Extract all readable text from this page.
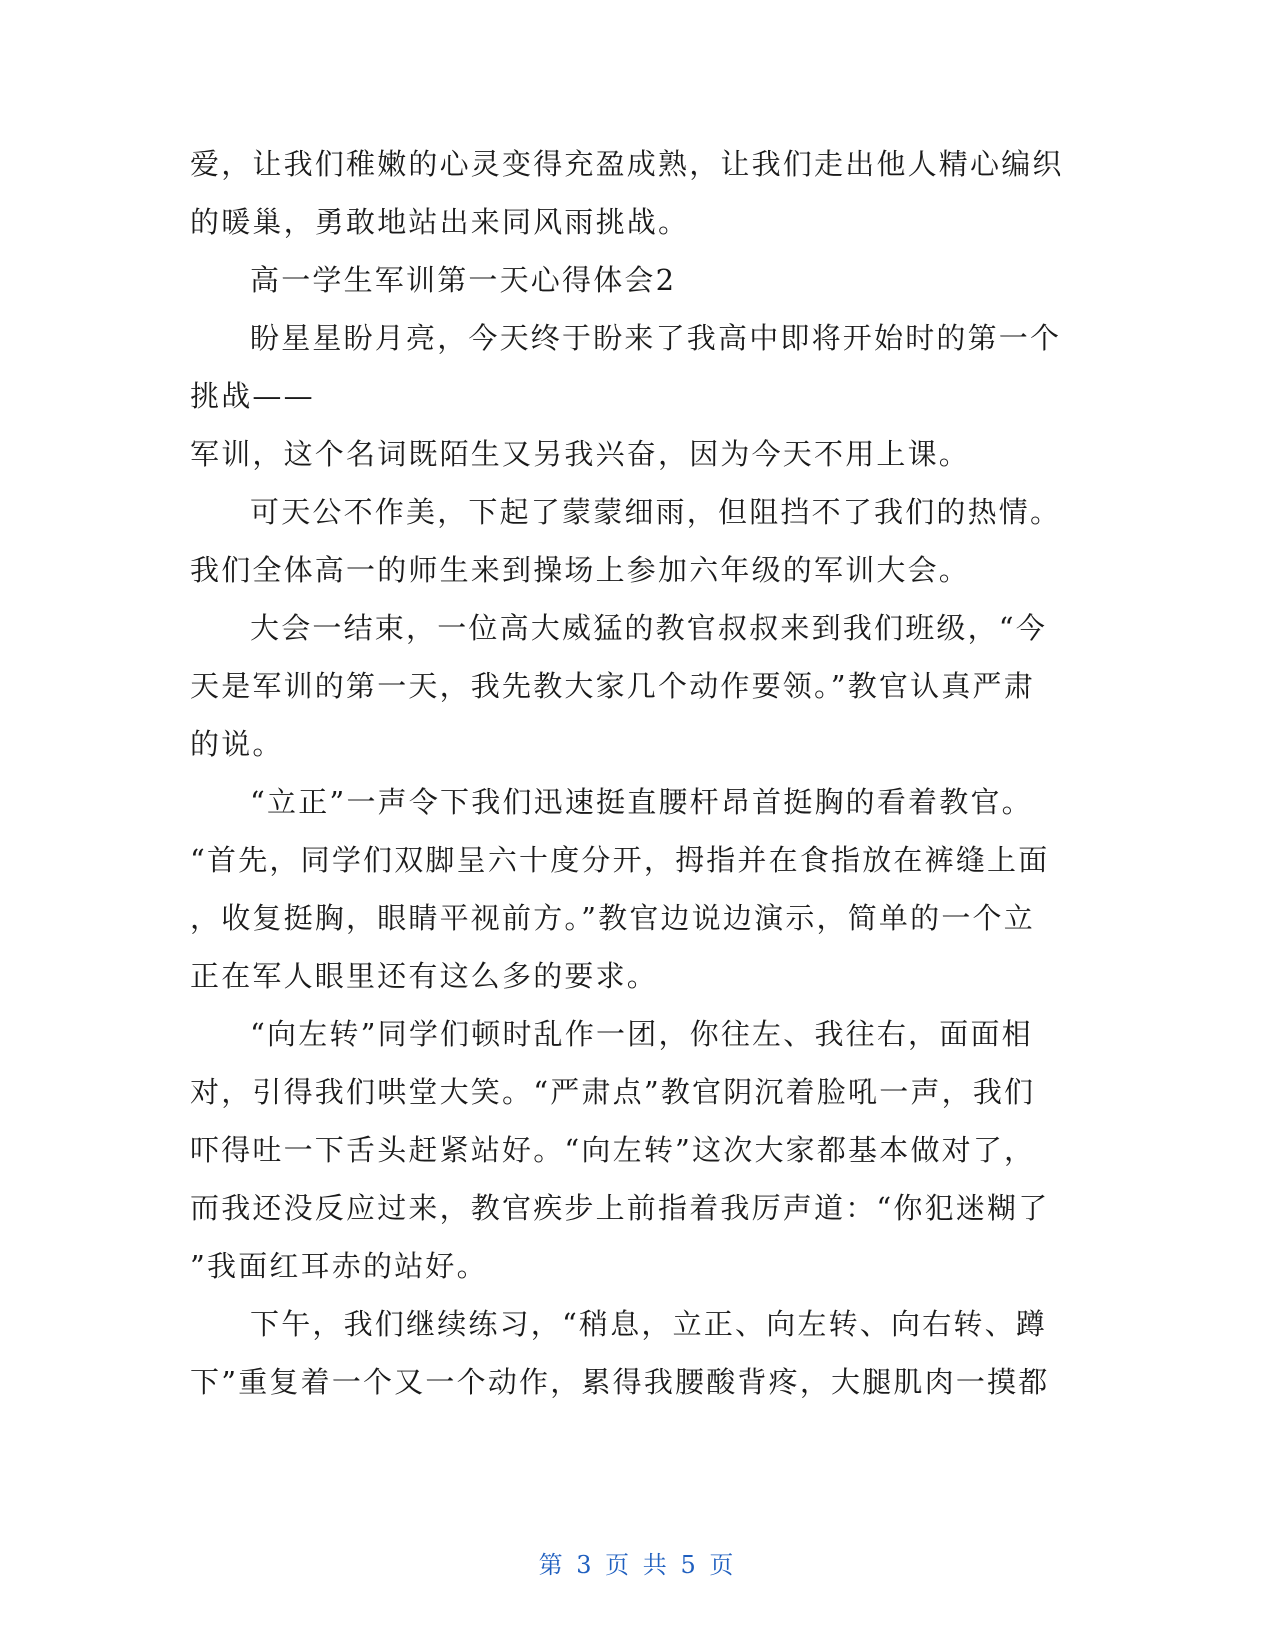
爱，让我们稚嫩的心灵变得充盈成熟，让我们走出他人精心编织
的暖巢，勇敢地站出来同风雨挑战。
高一学生军训第一天心得体会2
盼星星盼月亮，今天终于盼来了我高中即将开始时的第一个
挑战——
军训，这个名词既陌生又另我兴奋，因为今天不用上课。
可天公不作美，下起了蒙蒙细雨，但阻挡不了我们的热情。
我们全体高一的师生来到操场上参加六年级的军训大会。
大会一结束，一位高大威猛的教官叔叔来到我们班级，“今
天是军训的第一天，我先教大家几个动作要领。”教官认真严肃
的说。
“立正”一声令下我们迅速挺直腰杆昂首挺胸的看着教官。
“首先，同学们双脚呈六十度分开，拇指并在食指放在裤缝上面
，收复挺胸，眼睛平视前方。”教官边说边演示，简单的一个立
正在军人眼里还有这么多的要求。
“向左转”同学们顿时乱作一团，你往左、我往右，面面相
对，引得我们哄堂大笑。“严肃点”教官阴沉着脸吼一声，我们
吓得吐一下舌头赶紧站好。“向左转”这次大家都基本做对了，
而我还没反应过来，教官疾步上前指着我厉声道：“你犯迷糊了
”我面红耳赤的站好。
下午，我们继续练习，“稍息，立正、向左转、向右转、蹲
下”重复着一个又一个动作，累得我腰酸背疼，大腿肌肉一摸都
第 3 页 共 5 页
